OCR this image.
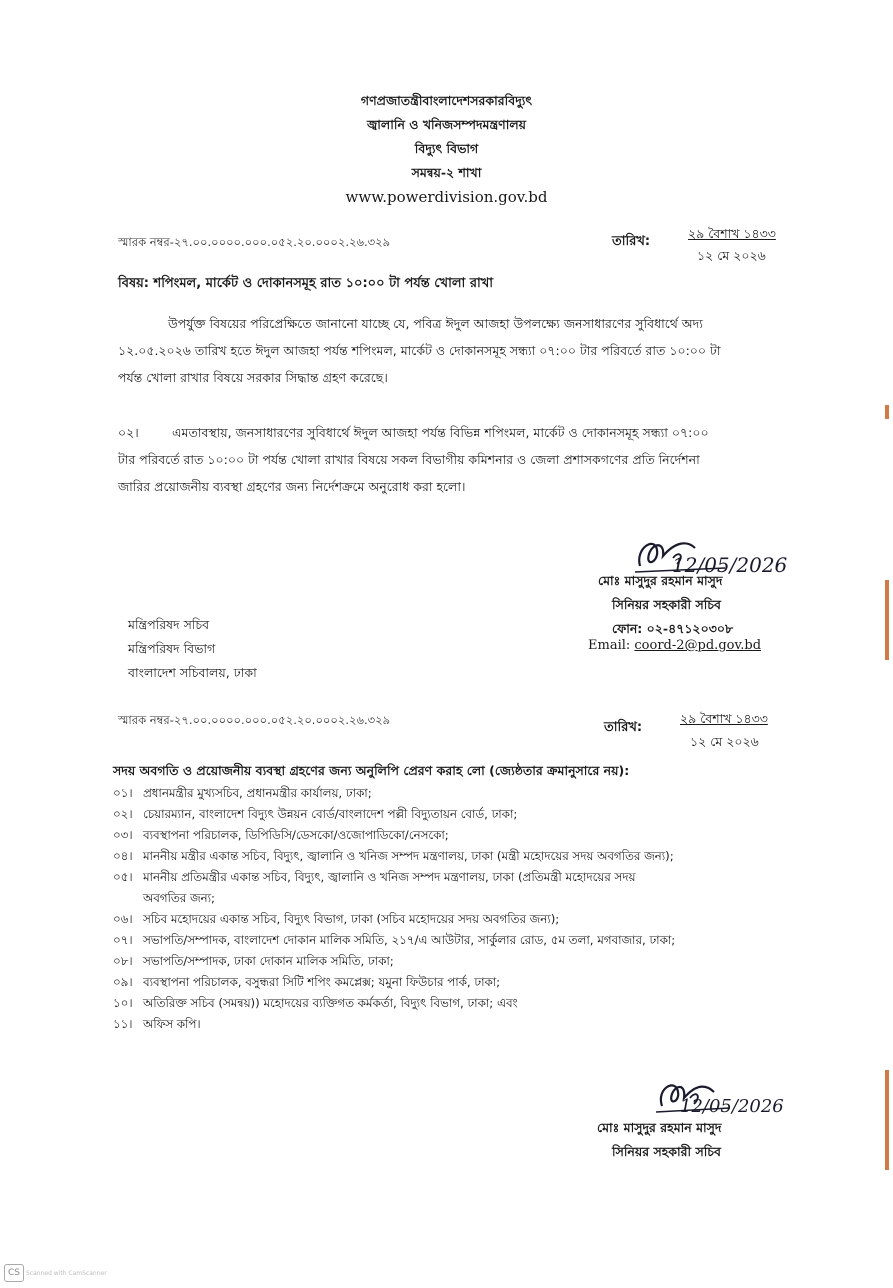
গণপ্রজাতন্ত্রীবাংলাদেশসরকারবিদ্যুৎ
জ্বালানি ও খনিজসম্পদমন্ত্রণালয়
বিদ্যুৎ বিভাগ
সমন্বয়-২ শাখা
www.powerdivision.gov.bd
স্মারক নম্বর-২৭.০০.০০০০.০০০.০৫২.২০.০০০২.২৬.৩২৯	তারিখ:
২৯ বৈশাখ ১৪৩৩
১২ মে ২০২৬
বিষয়: শপিংমল, মার্কেট ও দোকানসমূহ রাত ১০:০০ টা পর্যন্ত খোলা রাখা

উপর্যুক্ত বিষয়ের পরিপ্রেক্ষিতে জানানো যাচ্ছে যে, পবিত্র ঈদুল আজহা উপলক্ষ্যে জনসাধারণের সুবিধার্থে অদ্য

১২.০৫.২০২৬ তারিখ হতে ঈদুল আজহা পর্যন্ত শপিংমল, মার্কেট ও দোকানসমূহ সন্ধ্যা ০৭:০০ টার পরিবর্তে রাত ১০:০০ টা

পর্যন্ত খোলা রাখার বিষয়ে সরকার সিদ্ধান্ত গ্রহণ করেছে।

০২।	এমতাবস্থায়, জনসাধারণের সুবিধার্থে ঈদুল আজহা পর্যন্ত বিভিন্ন শপিংমল, মার্কেট ও দোকানসমূহ সন্ধ্যা ০৭:০০

টার পরিবর্তে রাত ১০:০০ টা পর্যন্ত খোলা রাখার বিষয়ে সকল বিভাগীয় কমিশনার ও জেলা প্রশাসকগণের প্রতি নির্দেশনা

জারির প্রয়োজনীয় ব্যবস্থা গ্রহণের জন্য নির্দেশক্রমে অনুরোধ করা হলো।

12/05/2026
মোঃ মাসুদুর রহমান মাসুদ
সিনিয়র সহকারী সচিব
ফোন: ০২-৪৭১২০৩০৮
Email: coord-2@pd.gov.bd
মন্ত্রিপরিষদ সচিব
মন্ত্রিপরিষদ বিভাগ
বাংলাদেশ সচিবালয়, ঢাকা
স্মারক নম্বর-২৭.০০.০০০০.০০০.০৫২.২০.০০০২.২৬.৩২৯	তারিখ:
২৯ বৈশাখ ১৪৩৩
১২ মে ২০২৬
সদয় অবগতি ও প্রয়োজনীয় ব্যবস্থা গ্রহণের জন্য অনুলিপি প্রেরণ করাহ লো (জ্যেষ্ঠতার ক্রমানুসারে নয়):
০১। প্রধানমন্ত্রীর মুখ্যসচিব, প্রধানমন্ত্রীর কার্যালয়, ঢাকা;
০২। চেয়ারম্যান, বাংলাদেশ বিদ্যুৎ উন্নয়ন বোর্ড/বাংলাদেশ পল্লী বিদ্যুতায়ন বোর্ড, ঢাকা;
০৩। ব্যবস্থাপনা পরিচালক, ডিপিডিসি/ডেসকো/ওজোপাডিকো/নেসকো;
০৪। মাননীয় মন্ত্রীর একান্ত সচিব, বিদ্যুৎ, জ্বালানি ও খনিজ সম্পদ মন্ত্রণালয়, ঢাকা (মন্ত্রী মহোদয়ের সদয় অবগতির জন্য);
০৫। মাননীয় প্রতিমন্ত্রীর একান্ত সচিব, বিদ্যুৎ, জ্বালানি ও খনিজ সম্পদ মন্ত্রণালয়, ঢাকা (প্রতিমন্ত্রী মহোদয়ের সদয়
অবগতির জন্য;
০৬। সচিব মহোদয়ের একান্ত সচিব, বিদ্যুৎ বিভাগ, ঢাকা (সচিব মহোদয়ের সদয় অবগতির জন্য);
০৭। সভাপতি/সম্পাদক, বাংলাদেশ দোকান মালিক সমিতি, ২১৭/এ আউটার, সার্কুলার রোড, ৫ম তলা, মগবাজার, ঢাকা;
০৮। সভাপতি/সম্পাদক, ঢাকা দোকান মালিক সমিতি, ঢাকা;
০৯। ব্যবস্থাপনা পরিচালক, বসুন্ধরা সিটি শপিং কমপ্লেক্স; যমুনা ফিউচার পার্ক, ঢাকা;
১০। অতিরিক্ত সচিব (সমন্বয়)) মহোদয়ের ব্যক্তিগত কর্মকর্তা, বিদ্যুৎ বিভাগ, ঢাকা; এবং
১১। অফিস কপি।
12/05/2026
মোঃ মাসুদুর রহমান মাসুদ
সিনিয়র সহকারী সচিব
CS	Scanned with CamScanner
